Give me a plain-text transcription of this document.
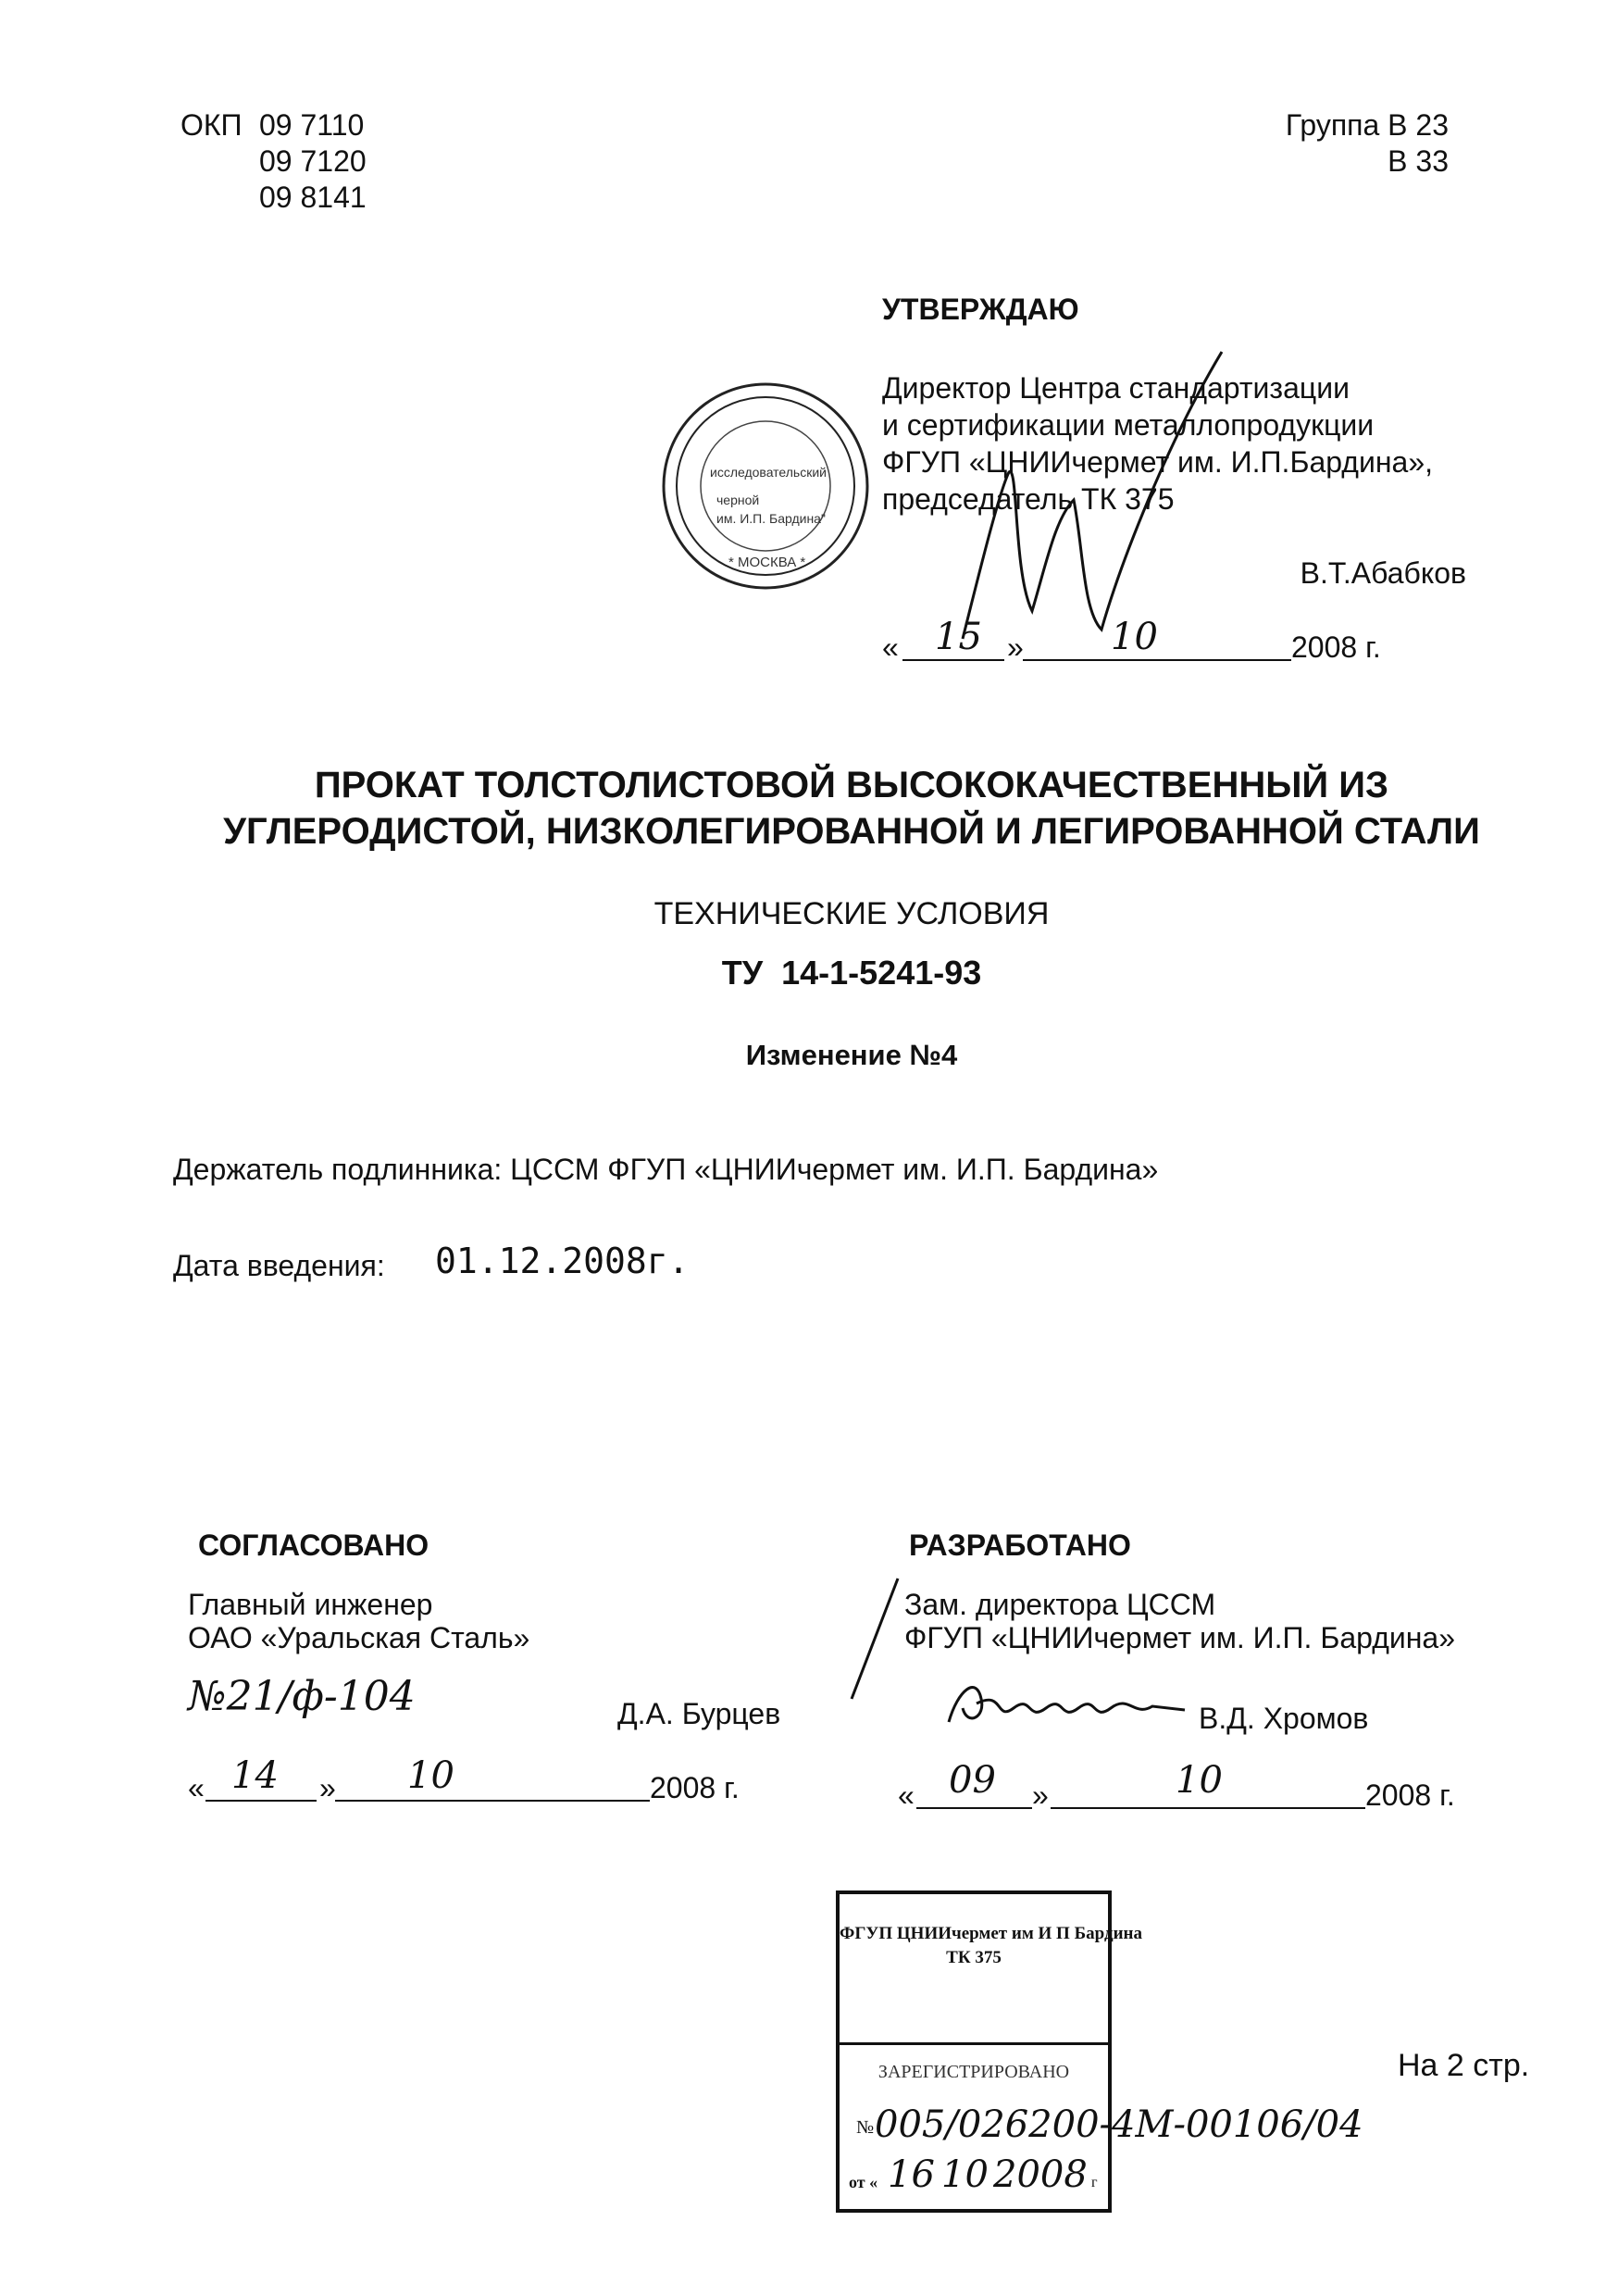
ОКП 09 7110
09 7120
09 8141
Группа В 23
В 33
исследовательский
черной
им. И.П. Бардина"
* МОСКВА *
УТВЕРЖДАЮ
Директор Центра стандартизации
и сертификации металлопродукции
ФГУП «ЦНИИчермет им. И.П.Бардина»,
председатель ТК 375
В.Т.Абабков
« 15 » 10	2008 г.
ПРОКАТ ТОЛСТОЛИСТОВОЙ ВЫСОКОКАЧЕСТВЕННЫЙ ИЗ
УГЛЕРОДИСТОЙ, НИЗКОЛЕГИРОВАННОЙ И ЛЕГИРОВАННОЙ СТАЛИ
ТЕХНИЧЕСКИЕ УСЛОВИЯ
ТУ  14-1-5241-93
Изменение №4
Держатель подлинника: ЦССМ ФГУП «ЦНИИчермет им. И.П. Бардина»
Дата введения: 01.12.2008г.
СОГЛАСОВАНО
Главный инженер
ОАО «Уральская Сталь»
№21/ф-104	Д.А. Бурцев
« 14 » 10	2008 г.
РАЗРАБОТАНО
Зам. директора ЦССМ
ФГУП «ЦНИИчермет им. И.П. Бардина»
В.Д. Хромов
« 09 »	10	2008 г.
ФГУП ЦНИИчермет им И П Бардина
ТК 375
ЗАРЕГИСТРИРОВАНО
№
от « 16 10 2008 г
005/026200-4М-00106/04
На 2 стр.
